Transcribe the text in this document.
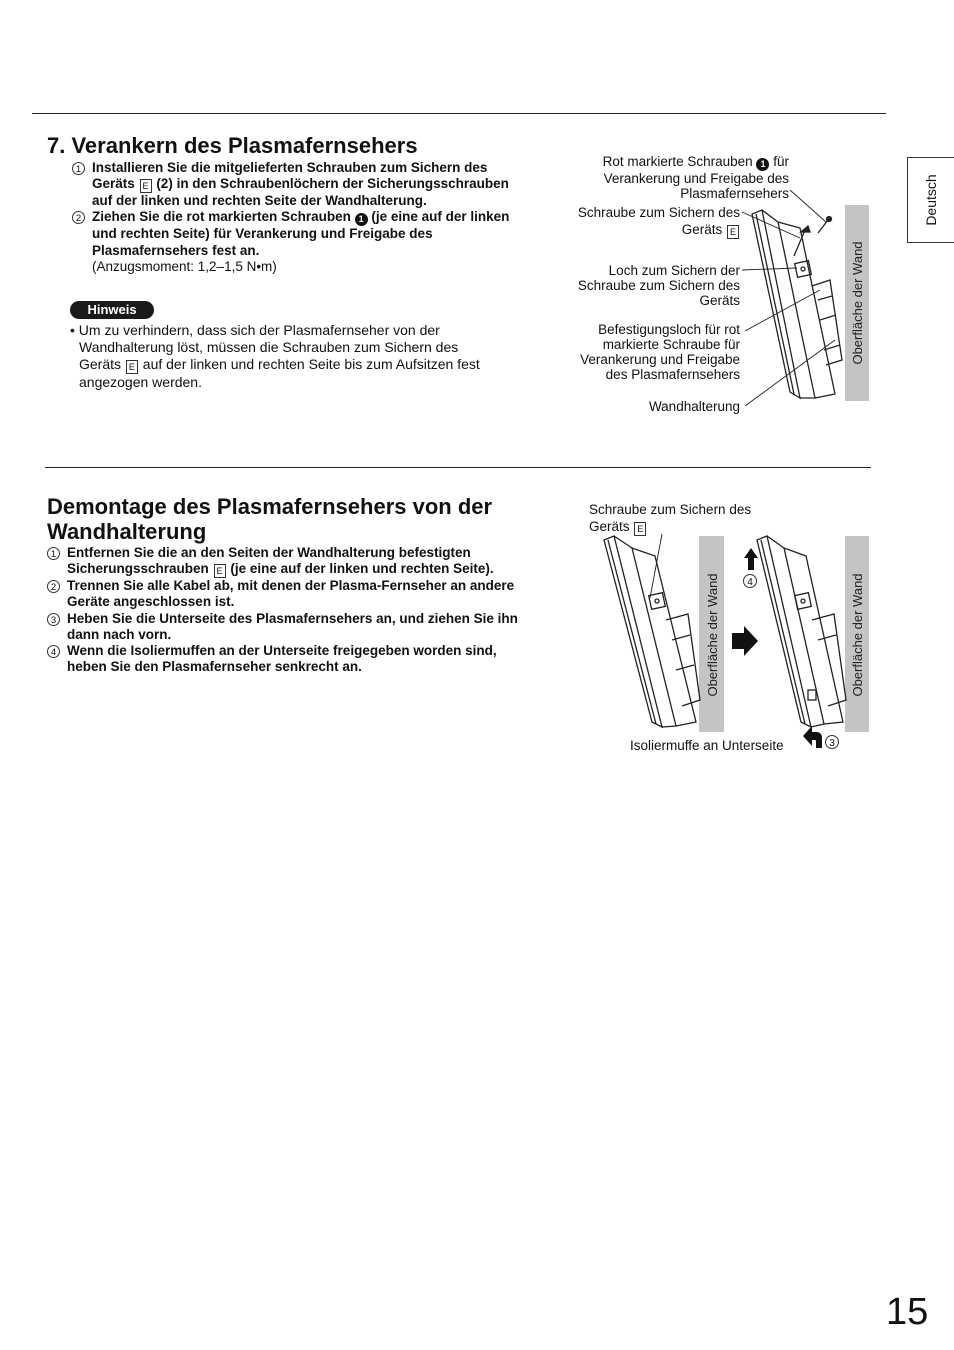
Deutsch
7. Verankern des Plasmafernsehers
1 Installieren Sie die mitgelieferten Schrauben zum Sichern des Geräts E (2) in den Schraubenlöchern der Sicherungsschrauben auf der linken und rechten Seite der Wandhalterung.
2 Ziehen Sie die rot markierten Schrauben 1 (je eine auf der linken und rechten Seite) für Verankerung und Freigabe des Plasmafernsehers fest an.
(Anzugsmoment: 1,2–1,5 N•m)
Hinweis
• Um zu verhindern, dass sich der Plasmafernseher von der
Wandhalterung löst, müssen die Schrauben zum Sichern des
Geräts E auf der linken und rechten Seite bis zum Aufsitzen fest
angezogen werden.
Rot markierte Schrauben 1 für
Verankerung und Freigabe des
Plasmafernsehers
Schraube zum Sichern des
Geräts E
Loch zum Sichern der
Schraube zum Sichern des
Geräts
Befestigungsloch für rot
markierte Schraube für
Verankerung und Freigabe
des Plasmafernsehers
Wandhalterung
Oberfläche der Wand
Demontage des Plasmafernsehers von der
Wandhalterung
1 Entfernen Sie die an den Seiten der Wandhalterung befestigten Sicherungsschrauben E (je eine auf der linken und rechten Seite).
2 Trennen Sie alle Kabel ab, mit denen der Plasma-Fernseher an andere Geräte angeschlossen ist.
3 Heben Sie die Unterseite des Plasmafernsehers an, und ziehen Sie ihn dann nach vorn.
4 Wenn die Isoliermuffen an der Unterseite freigegeben worden sind, heben Sie den Plasmafernseher senkrecht an.
Schraube zum Sichern des
Geräts E
Isoliermuffe an Unterseite
Oberfläche der Wand	Oberfläche der Wand
4
3
15
